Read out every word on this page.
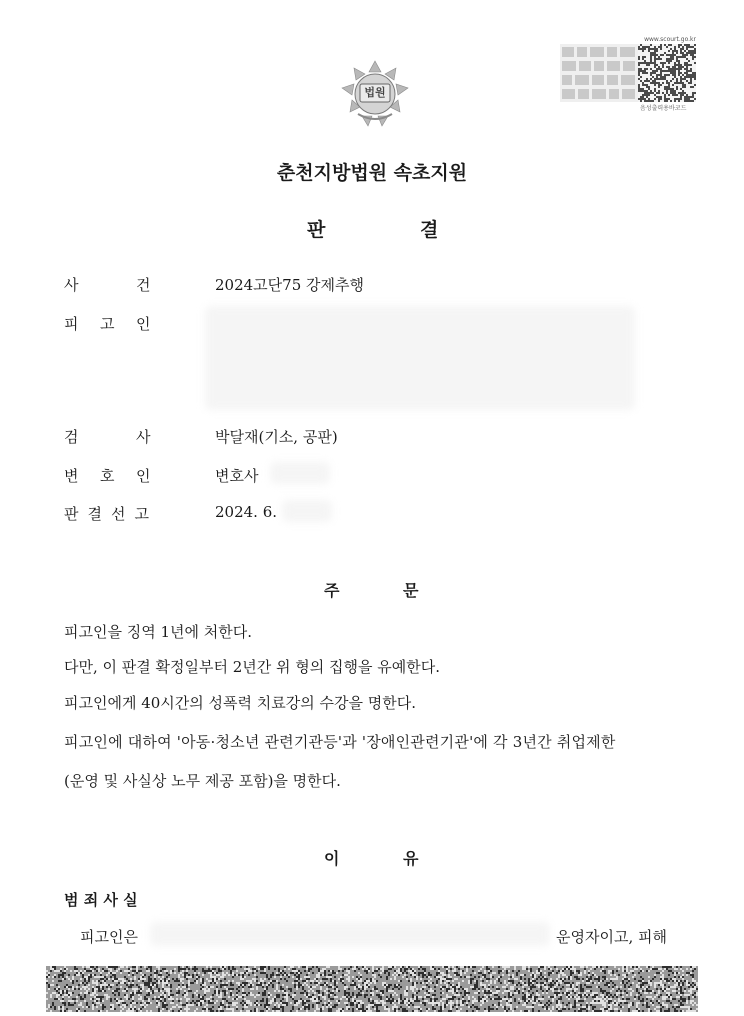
법원
www.scourt.go.kr
음성출력용바코드
춘천지방법원 속초지원
판	결
사	건	2024고단75 강제추행
피 고 인
검	사	박달재(기소, 공판)
변 호 인	변호사
판결선고	2024. 6.
주	문
피고인을 징역 1년에 처한다.
다만, 이 판결 확정일부터 2년간 위 형의 집행을 유예한다.
피고인에게 40시간의 성폭력 치료강의 수강을 명한다.
피고인에 대하여 '아동·청소년 관련기관등'과 '장애인관련기관'에 각 3년간 취업제한
(운영 및 사실상 노무 제공 포함)을 명한다.
이	유
범 죄 사 실
피고인은	운영자이고, 피해
